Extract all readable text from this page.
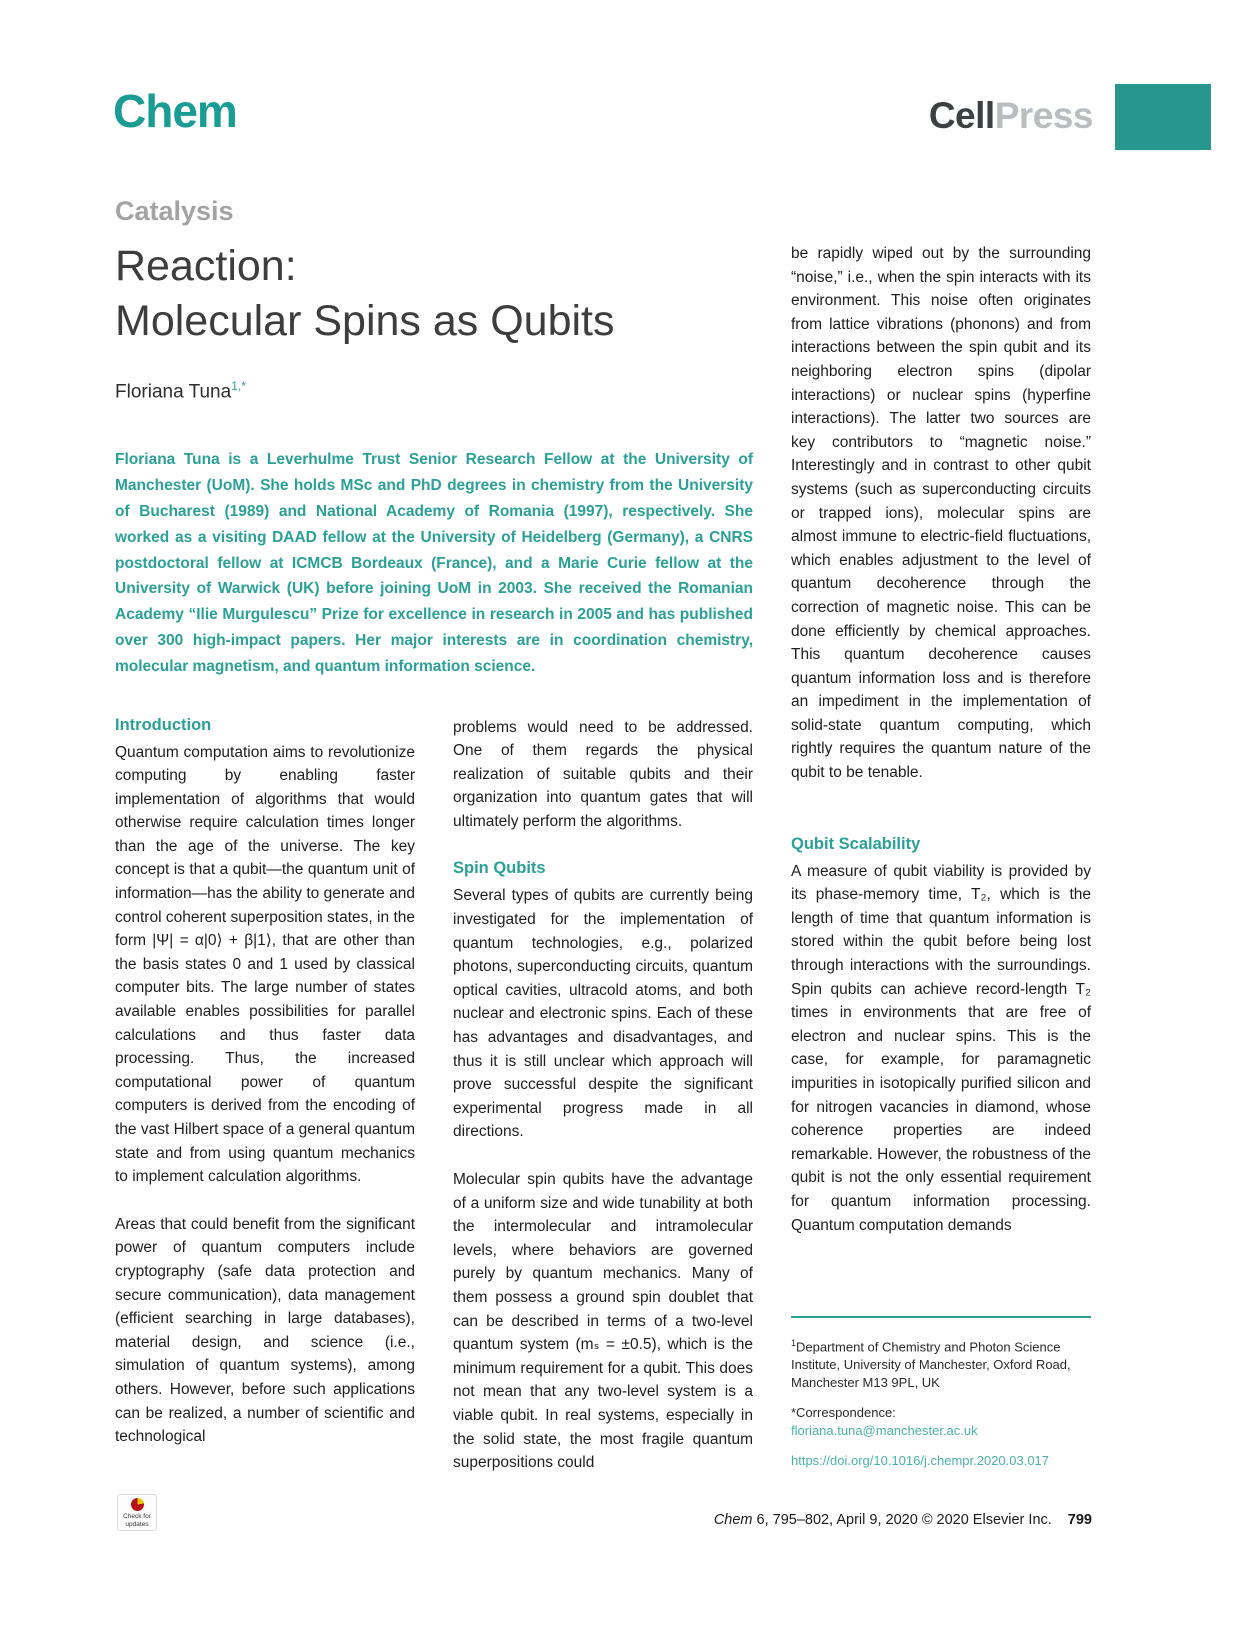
Chem	CellPress
Catalysis
Reaction:
Molecular Spins as Qubits
Floriana Tuna$^{1,*}$

Floriana Tuna is a Leverhulme Trust Senior Research Fellow at the University of Manchester (UoM). She holds MSc and PhD degrees in chemistry from the University of Bucharest (1989) and National Academy of Romania (1997), respectively. She worked as a visiting DAAD fellow at the University of Heidelberg (Germany), a CNRS postdoctoral fellow at ICMCB Bordeaux (France), and a Marie Curie fellow at the University of Warwick (UK) before joining UoM in 2003. She received the Romanian Academy “Ilie Murgulescu” Prize for excellence in research in 2005 and has published over 300 high-impact papers. Her major interests are in coordination chemistry, molecular magnetism, and quantum information science.

Introduction

Quantum computation aims to revolutionize computing by enabling faster implementation of algorithms that would otherwise require calculation times longer than the age of the universe. The key concept is that a qubit—the quantum unit of information—has the ability to generate and control coherent superposition states, in the form |Ψ| = α|0⟩ + β|1⟩, that are other than the basis states 0 and 1 used by classical computer bits. The large number of states available enables possibilities for parallel calculations and thus faster data processing. Thus, the increased computational power of quantum computers is derived from the encoding of the vast Hilbert space of a general quantum state and from using quantum mechanics to implement calculation algorithms.

Areas that could benefit from the significant power of quantum computers include cryptography (safe data protection and secure communication), data management (efficient searching in large databases), material design, and science (i.e., simulation of quantum systems), among others. However, before such applications can be realized, a number of scientific and technological

problems would need to be addressed. One of them regards the physical realization of suitable qubits and their organization into quantum gates that will ultimately perform the algorithms.

Spin Qubits

Several types of qubits are currently being investigated for the implementation of quantum technologies, e.g., polarized photons, superconducting circuits, quantum optical cavities, ultracold atoms, and both nuclear and electronic spins. Each of these has advantages and disadvantages, and thus it is still unclear which approach will prove successful despite the significant experimental progress made in all directions.

Molecular spin qubits have the advantage of a uniform size and wide tunability at both the intermolecular and intramolecular levels, where behaviors are governed purely by quantum mechanics. Many of them possess a ground spin doublet that can be described in terms of a two-level quantum system (mₛ = ±0.5), which is the minimum requirement for a qubit. This does not mean that any two-level system is a viable qubit. In real systems, especially in the solid state, the most fragile quantum superpositions could

be rapidly wiped out by the surrounding “noise,” i.e., when the spin interacts with its environment. This noise often originates from lattice vibrations (phonons) and from interactions between the spin qubit and its neighboring electron spins (dipolar interactions) or nuclear spins (hyperfine interactions). The latter two sources are key contributors to “magnetic noise.” Interestingly and in contrast to other qubit systems (such as superconducting circuits or trapped ions), molecular spins are almost immune to electric-field fluctuations, which enables adjustment to the level of quantum decoherence through the correction of magnetic noise. This can be done efficiently by chemical approaches. This quantum decoherence causes quantum information loss and is therefore an impediment in the implementation of solid-state quantum computing, which rightly requires the quantum nature of the qubit to be tenable.

Qubit Scalability

A measure of qubit viability is provided by its phase-memory time, T₂, which is the length of time that quantum information is stored within the qubit before being lost through interactions with the surroundings. Spin qubits can achieve record-length T₂ times in environments that are free of electron and nuclear spins. This is the case, for example, for paramagnetic impurities in isotopically purified silicon and for nitrogen vacancies in diamond, whose coherence properties are indeed remarkable. However, the robustness of the qubit is not the only essential requirement for quantum information processing. Quantum computation demands

$^1$Department of Chemistry and Photon Science Institute, University of Manchester, Oxford Road, Manchester M13 9PL, UK

*Correspondence:
floriana.tuna@manchester.ac.uk

https://doi.org/10.1016/j.chempr.2020.03.017

Check for
updates	Chem 6, 795–802, April 9, 2020 © 2020 Elsevier Inc. 799
